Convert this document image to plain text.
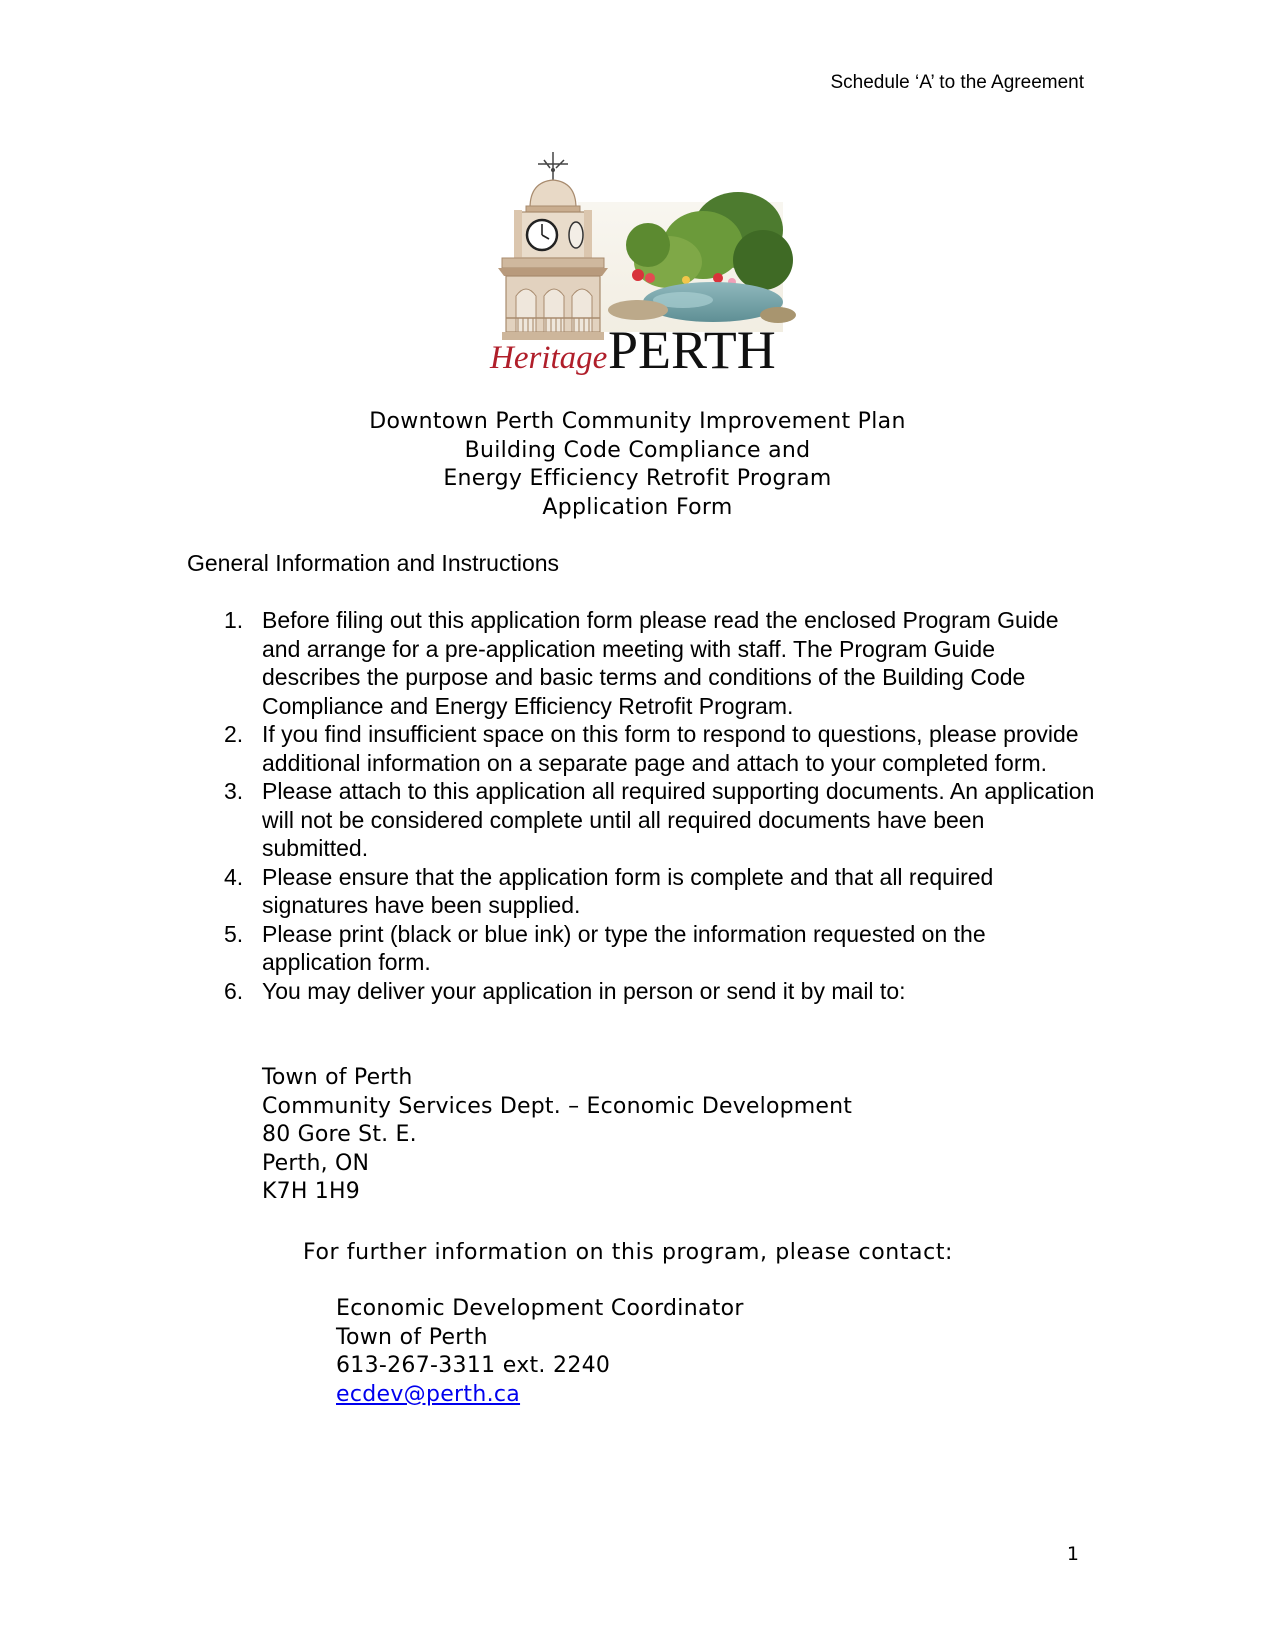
Schedule ‘A’ to the Agreement
Heritage PERTH
Downtown Perth Community Improvement Plan
Building Code Compliance and
Energy Efficiency Retrofit Program
Application Form
General Information and Instructions
1. Before filing out this application form please read the enclosed Program Guide and arrange for a pre-application meeting with staff. The Program Guide describes the purpose and basic terms and conditions of the Building Code Compliance and Energy Efficiency Retrofit Program.
2. If you find insufficient space on this form to respond to questions, please provide additional information on a separate page and attach to your completed form.
3. Please attach to this application all required supporting documents. An application will not be considered complete until all required documents have been submitted.
4. Please ensure that the application form is complete and that all required signatures have been supplied.
5. Please print (black or blue ink) or type the information requested on the application form.
6. You may deliver your application in person or send it by mail to:
Town of Perth
Community Services Dept. – Economic Development
80 Gore St. E.
Perth, ON
K7H 1H9
For further information on this program, please contact:
Economic Development Coordinator
Town of Perth
613-267-3311 ext. 2240
ecdev@perth.ca
1
